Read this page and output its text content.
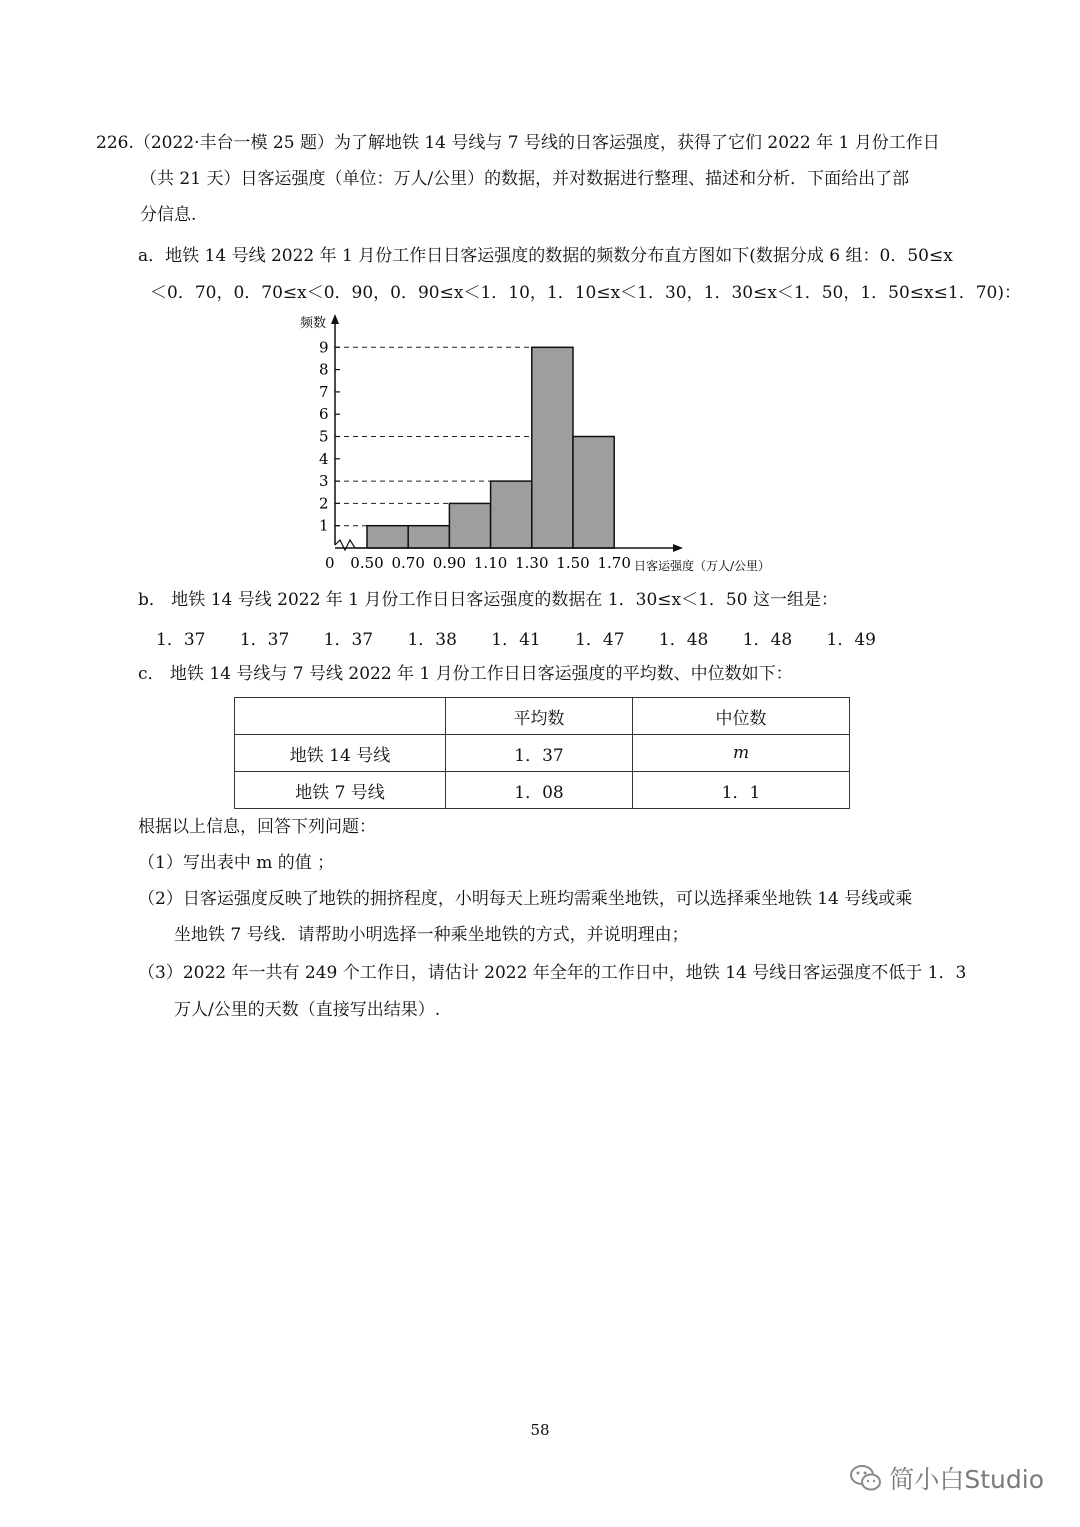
226.（2022·丰台一模 25 题）为了解地铁 14 号线与 7 号线的日客运强度，获得了它们 2022 年 1 月份工作日
（共 21 天）日客运强度（单位：万人/公里）的数据，并对数据进行整理、描述和分析．下面给出了部
分信息.
a．地铁 14 号线 2022 年 1 月份工作日日客运强度的数据的频数分布直方图如下(数据分成 6 组：0．50≤x
＜0．70，0．70≤x＜0．90，0．90≤x＜1．10，1．10≤x＜1．30，1．30≤x＜1．50，1．50≤x≤1．70)：
1
2
3
4
5
6
7
8
9
0.50 0.70 0.90 1.10 1.30 1.50 1.70
频数
0	日客运强度（万人/公里）
b． 地铁 14 号线 2022 年 1 月份工作日日客运强度的数据在 1．30≤x＜1．50 这一组是：
1．37 1．37 1．37 1．38 1．41 1．47 1．48 1．48 1．49
c． 地铁 14 号线与 7 号线 2022 年 1 月份工作日日客运强度的平均数、中位数如下：
	平均数	中位数
地铁 14 号线	1．37	m
地铁 7 号线	1．08	1．1
根据以上信息，回答下列问题：
（1）写出表中 m 的值 ；
（2）日客运强度反映了地铁的拥挤程度，小明每天上班均需乘坐地铁，可以选择乘坐地铁 14 号线或乘
坐地铁 7 号线．请帮助小明选择一种乘坐地铁的方式，并说明理由；
（3）2022 年一共有 249 个工作日，请估计 2022 年全年的工作日中，地铁 14 号线日客运强度不低于 1．3
万人/公里的天数（直接写出结果）.
58
简小白Studio
